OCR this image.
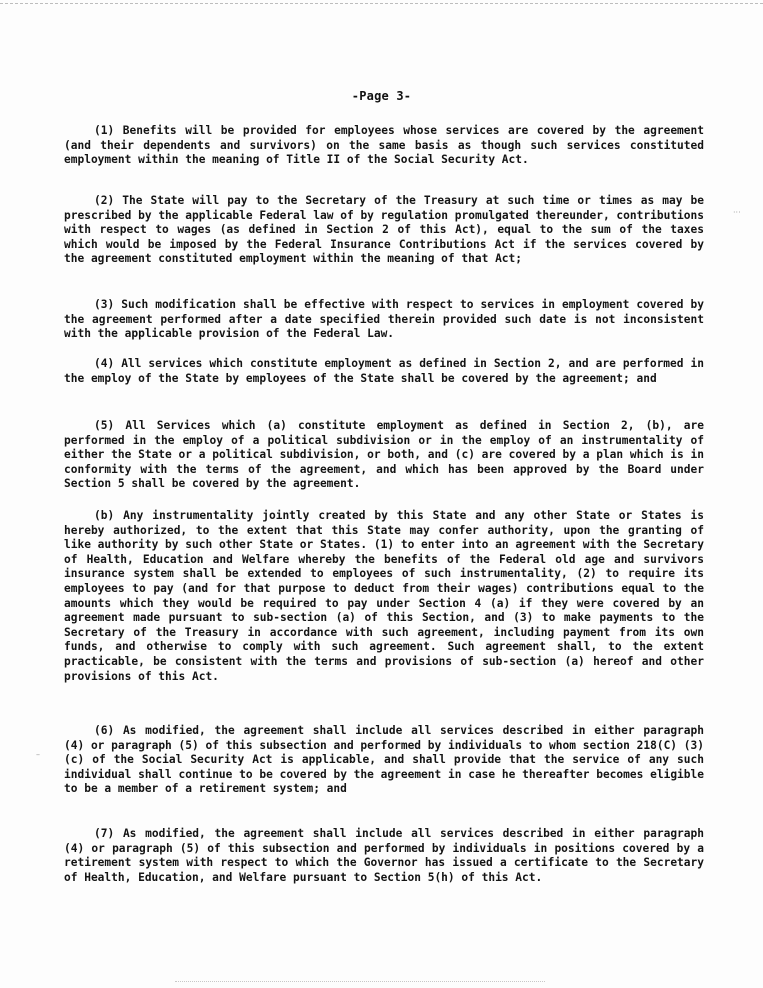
-Page 3-

(1) Benefits will be provided for employees whose services are covered by the agreement (and their dependents and survivors) on the same basis as though such services constituted employment within the meaning of Title II of the Social Security Act.

(2) The State will pay to the Secretary of the Treasury at such time or times as may be prescribed by the applicable Federal law of by regulation promulgated thereunder, contributions with respect to wages (as defined in Section 2 of this Act), equal to the sum of the taxes which would be imposed by the Federal Insurance Contributions Act if the services covered by the agreement constituted employment within the meaning of that Act;

(3) Such modification shall be effective with respect to services in employment covered by the agreement performed after a date specified therein provided such date is not inconsistent with the applicable provision of the Federal Law.

(4) All services which constitute employment as defined in Section 2, and are performed in the employ of the State by employees of the State shall be covered by the agreement; and

(5) All Services which (a) constitute employment as defined in Section 2, (b), are performed in the employ of a political subdivision or in the employ of an instrumentality of either the State or a political subdivision, or both, and (c) are covered by a plan which is in conformity with the terms of the agreement, and which has been approved by the Board under Section 5 shall be covered by the agreement.

(b) Any instrumentality jointly created by this State and any other State or States is hereby authorized, to the extent that this State may confer authority, upon the granting of like authority by such other State or States. (1) to enter into an agreement with the Secretary of Health, Education and Welfare whereby the benefits of the Federal old age and survivors insurance system shall be extended to employees of such instrumentality, (2) to require its employees to pay (and for that purpose to deduct from their wages) contributions equal to the amounts which they would be required to pay under Section 4 (a) if they were covered by an agreement made pursuant to sub-section (a) of this Section, and (3) to make payments to the Secretary of the Treasury in accordance with such agreement, including payment from its own funds, and otherwise to comply with such agreement. Such agreement shall, to the extent practicable, be consistent with the terms and provisions of sub-section (a) hereof and other provisions of this Act.

(6) As modified, the agreement shall include all services described in either paragraph (4) or paragraph (5) of this subsection and performed by individuals to whom section 218(C) (3) (c) of the Social Security Act is applicable, and shall provide that the service of any such individual shall continue to be covered by the agreement in case he thereafter becomes eligible to be a member of a retirement system; and

(7) As modified, the agreement shall include all services described in either paragraph (4) or paragraph (5) of this subsection and performed by individuals in positions covered by a retirement system with respect to which the Governor has issued a certificate to the Secretary of Health, Education, and Welfare pursuant to Section 5(h) of this Act.

···
–
